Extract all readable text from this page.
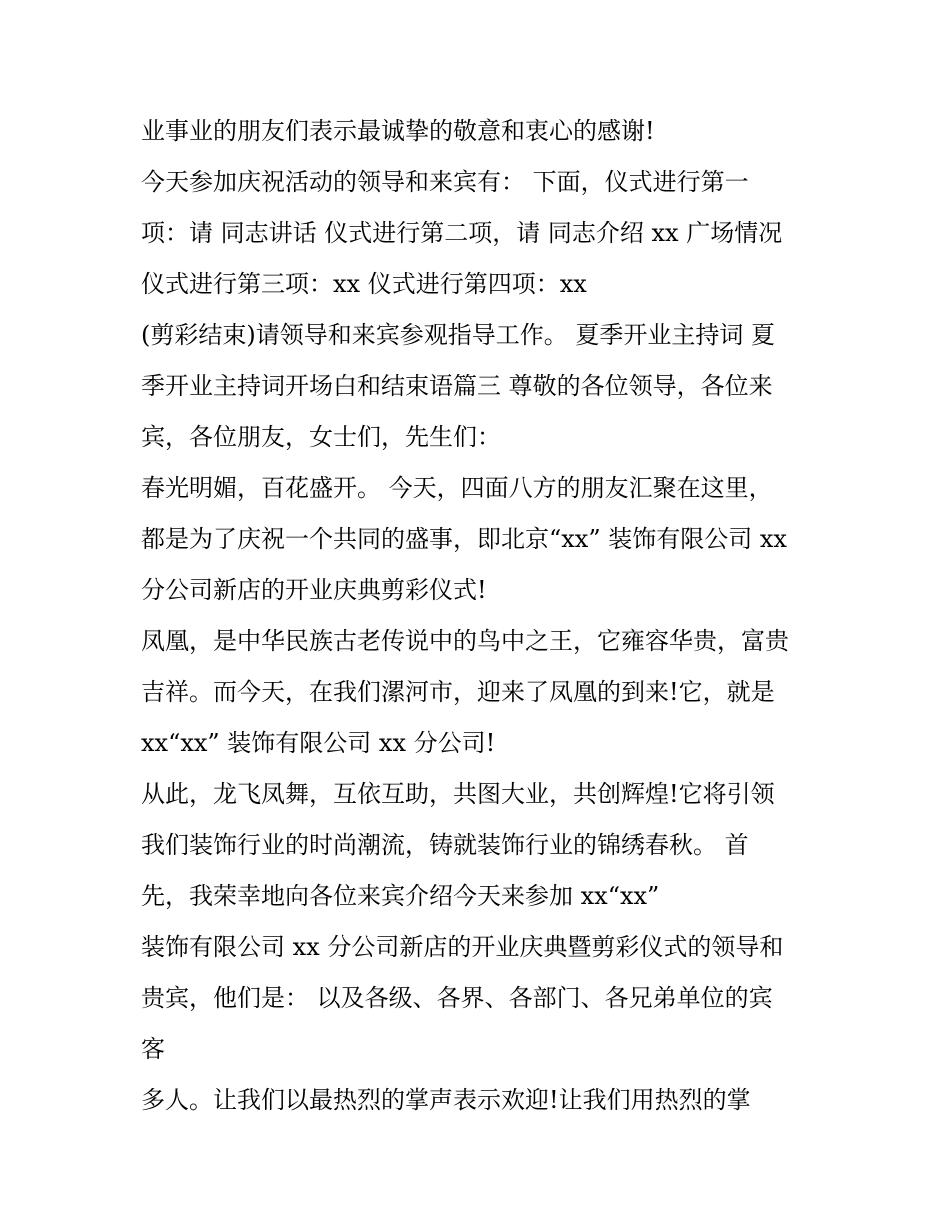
业事业的朋友们表示最诚挚的敬意和衷心的感谢!
今天参加庆祝活动的领导和来宾有： 下面，仪式进行第一
项：请 同志讲话 仪式进行第二项，请 同志介绍 xx 广场情况
仪式进行第三项：xx 仪式进行第四项：xx
(剪彩结束)请领导和来宾参观指导工作。 夏季开业主持词 夏
季开业主持词开场白和结束语篇三 尊敬的各位领导，各位来
宾，各位朋友，女士们，先生们：
春光明媚，百花盛开。 今天，四面八方的朋友汇聚在这里，
都是为了庆祝一个共同的盛事，即北京“xx” 装饰有限公司 xx
分公司新店的开业庆典剪彩仪式!
凤凰，是中华民族古老传说中的鸟中之王，它雍容华贵，富贵
吉祥。而今天，在我们漯河市，迎来了凤凰的到来!它，就是
xx“xx” 装饰有限公司 xx 分公司!
从此，龙飞凤舞，互依互助，共图大业，共创辉煌!它将引领
我们装饰行业的时尚潮流，铸就装饰行业的锦绣春秋。 首
先，我荣幸地向各位来宾介绍今天来参加 xx“xx”
装饰有限公司 xx 分公司新店的开业庆典暨剪彩仪式的领导和
贵宾，他们是： 以及各级、各界、各部门、各兄弟单位的宾
客
多人。让我们以最热烈的掌声表示欢迎!让我们用热烈的掌
